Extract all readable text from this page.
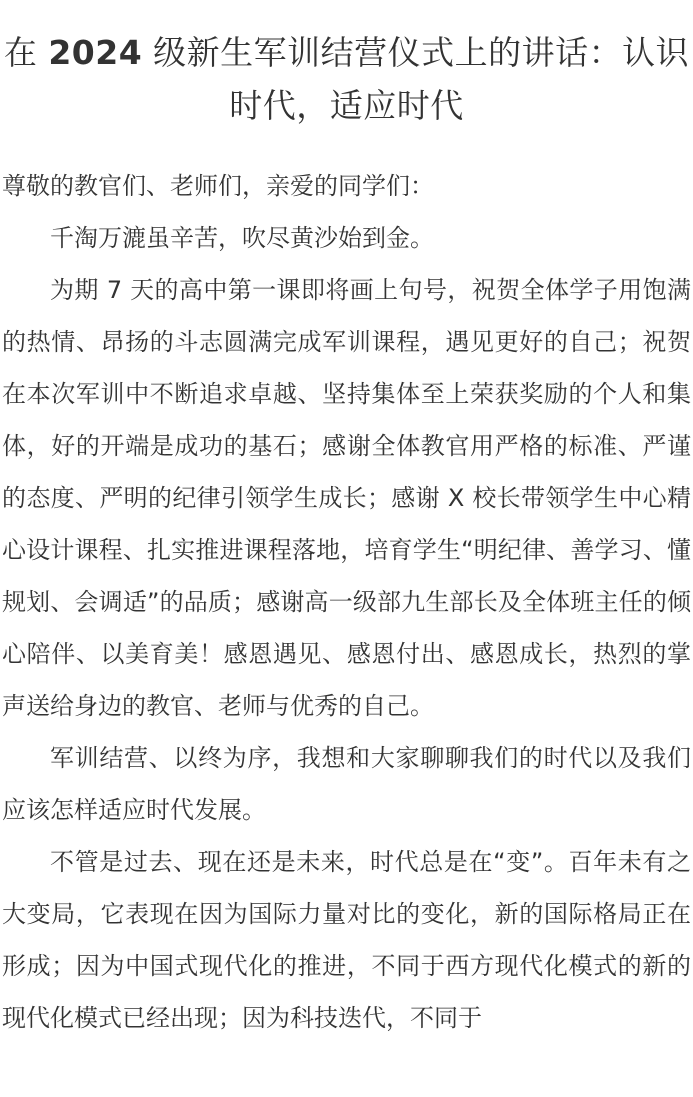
在 2024 级新生军训结营仪式上的讲话：认识时代，适应时代

尊敬的教官们、老师们，亲爱的同学们：

千淘万漉虽辛苦，吹尽黄沙始到金。

为期 7 天的高中第一课即将画上句号，祝贺全体学子用饱满的热情、昂扬的斗志圆满完成军训课程，遇见更好的自己；祝贺在本次军训中不断追求卓越、坚持集体至上荣获奖励的个人和集体，好的开端是成功的基石；感谢全体教官用严格的标准、严谨的态度、严明的纪律引领学生成长；感谢 X 校长带领学生中心精心设计课程、扎实推进课程落地，培育学生“明纪律、善学习、懂规划、会调适”的品质；感谢高一级部九生部长及全体班主任的倾心陪伴、以美育美！感恩遇见、感恩付出、感恩成长，热烈的掌声送给身边的教官、老师与优秀的自己。

军训结营、以终为序，我想和大家聊聊我们的时代以及我们应该怎样适应时代发展。

不管是过去、现在还是未来，时代总是在“变”。百年未有之大变局，它表现在因为国际力量对比的变化，新的国际格局正在形成；因为中国式现代化的推进，不同于西方现代化模式的新的现代化模式已经出现；因为科技迭代，不同于
